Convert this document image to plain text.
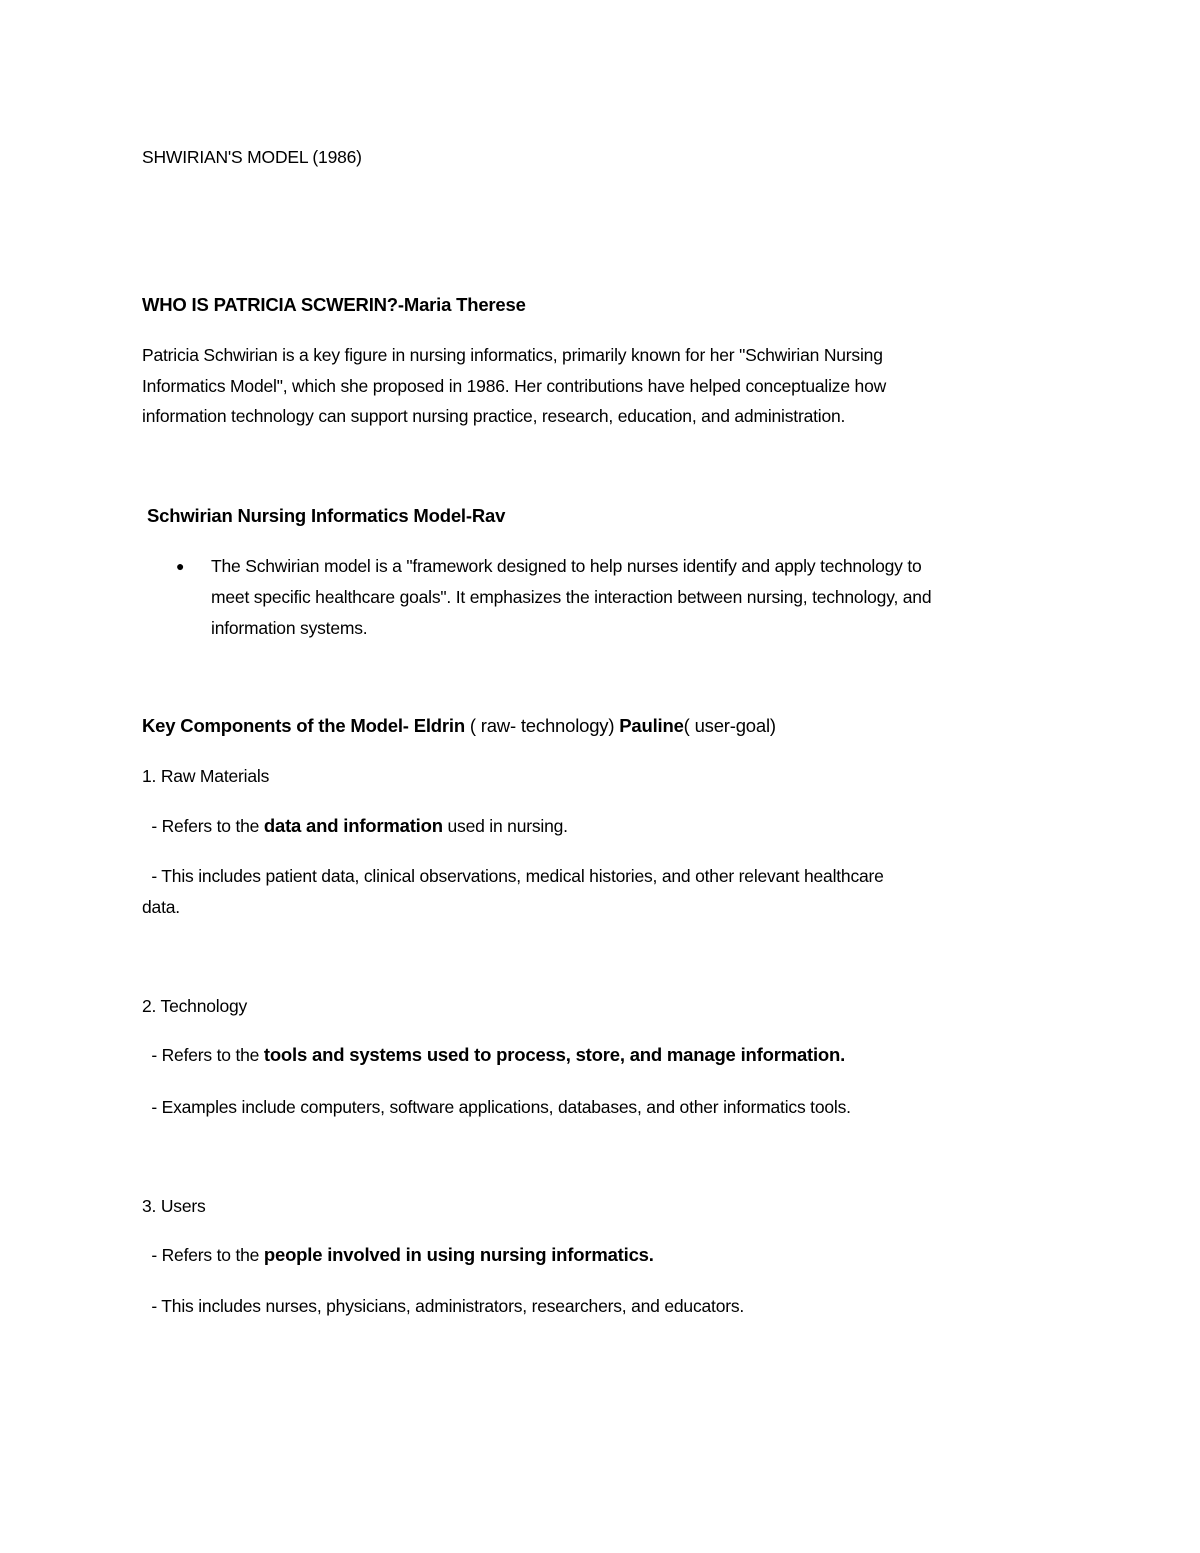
SHWIRIAN'S MODEL (1986)
WHO IS PATRICIA SCWERIN?-Maria Therese
Patricia Schwirian is a key figure in nursing informatics, primarily known for her "Schwirian Nursing
Informatics Model", which she proposed in 1986. Her contributions have helped conceptualize how
information technology can support nursing practice, research, education, and administration.
Schwirian Nursing Informatics Model-Rav
● The Schwirian model is a "framework designed to help nurses identify and apply technology to
meet specific healthcare goals". It emphasizes the interaction between nursing, technology, and
information systems.
Key Components of the Model- Eldrin ( raw- technology) Pauline( user-goal)
1. Raw Materials
- Refers to the data and information used in nursing.
- This includes patient data, clinical observations, medical histories, and other relevant healthcare
data.
2. Technology
- Refers to the tools and systems used to process, store, and manage information.
- Examples include computers, software applications, databases, and other informatics tools.
3. Users
- Refers to the people involved in using nursing informatics.
- This includes nurses, physicians, administrators, researchers, and educators.
